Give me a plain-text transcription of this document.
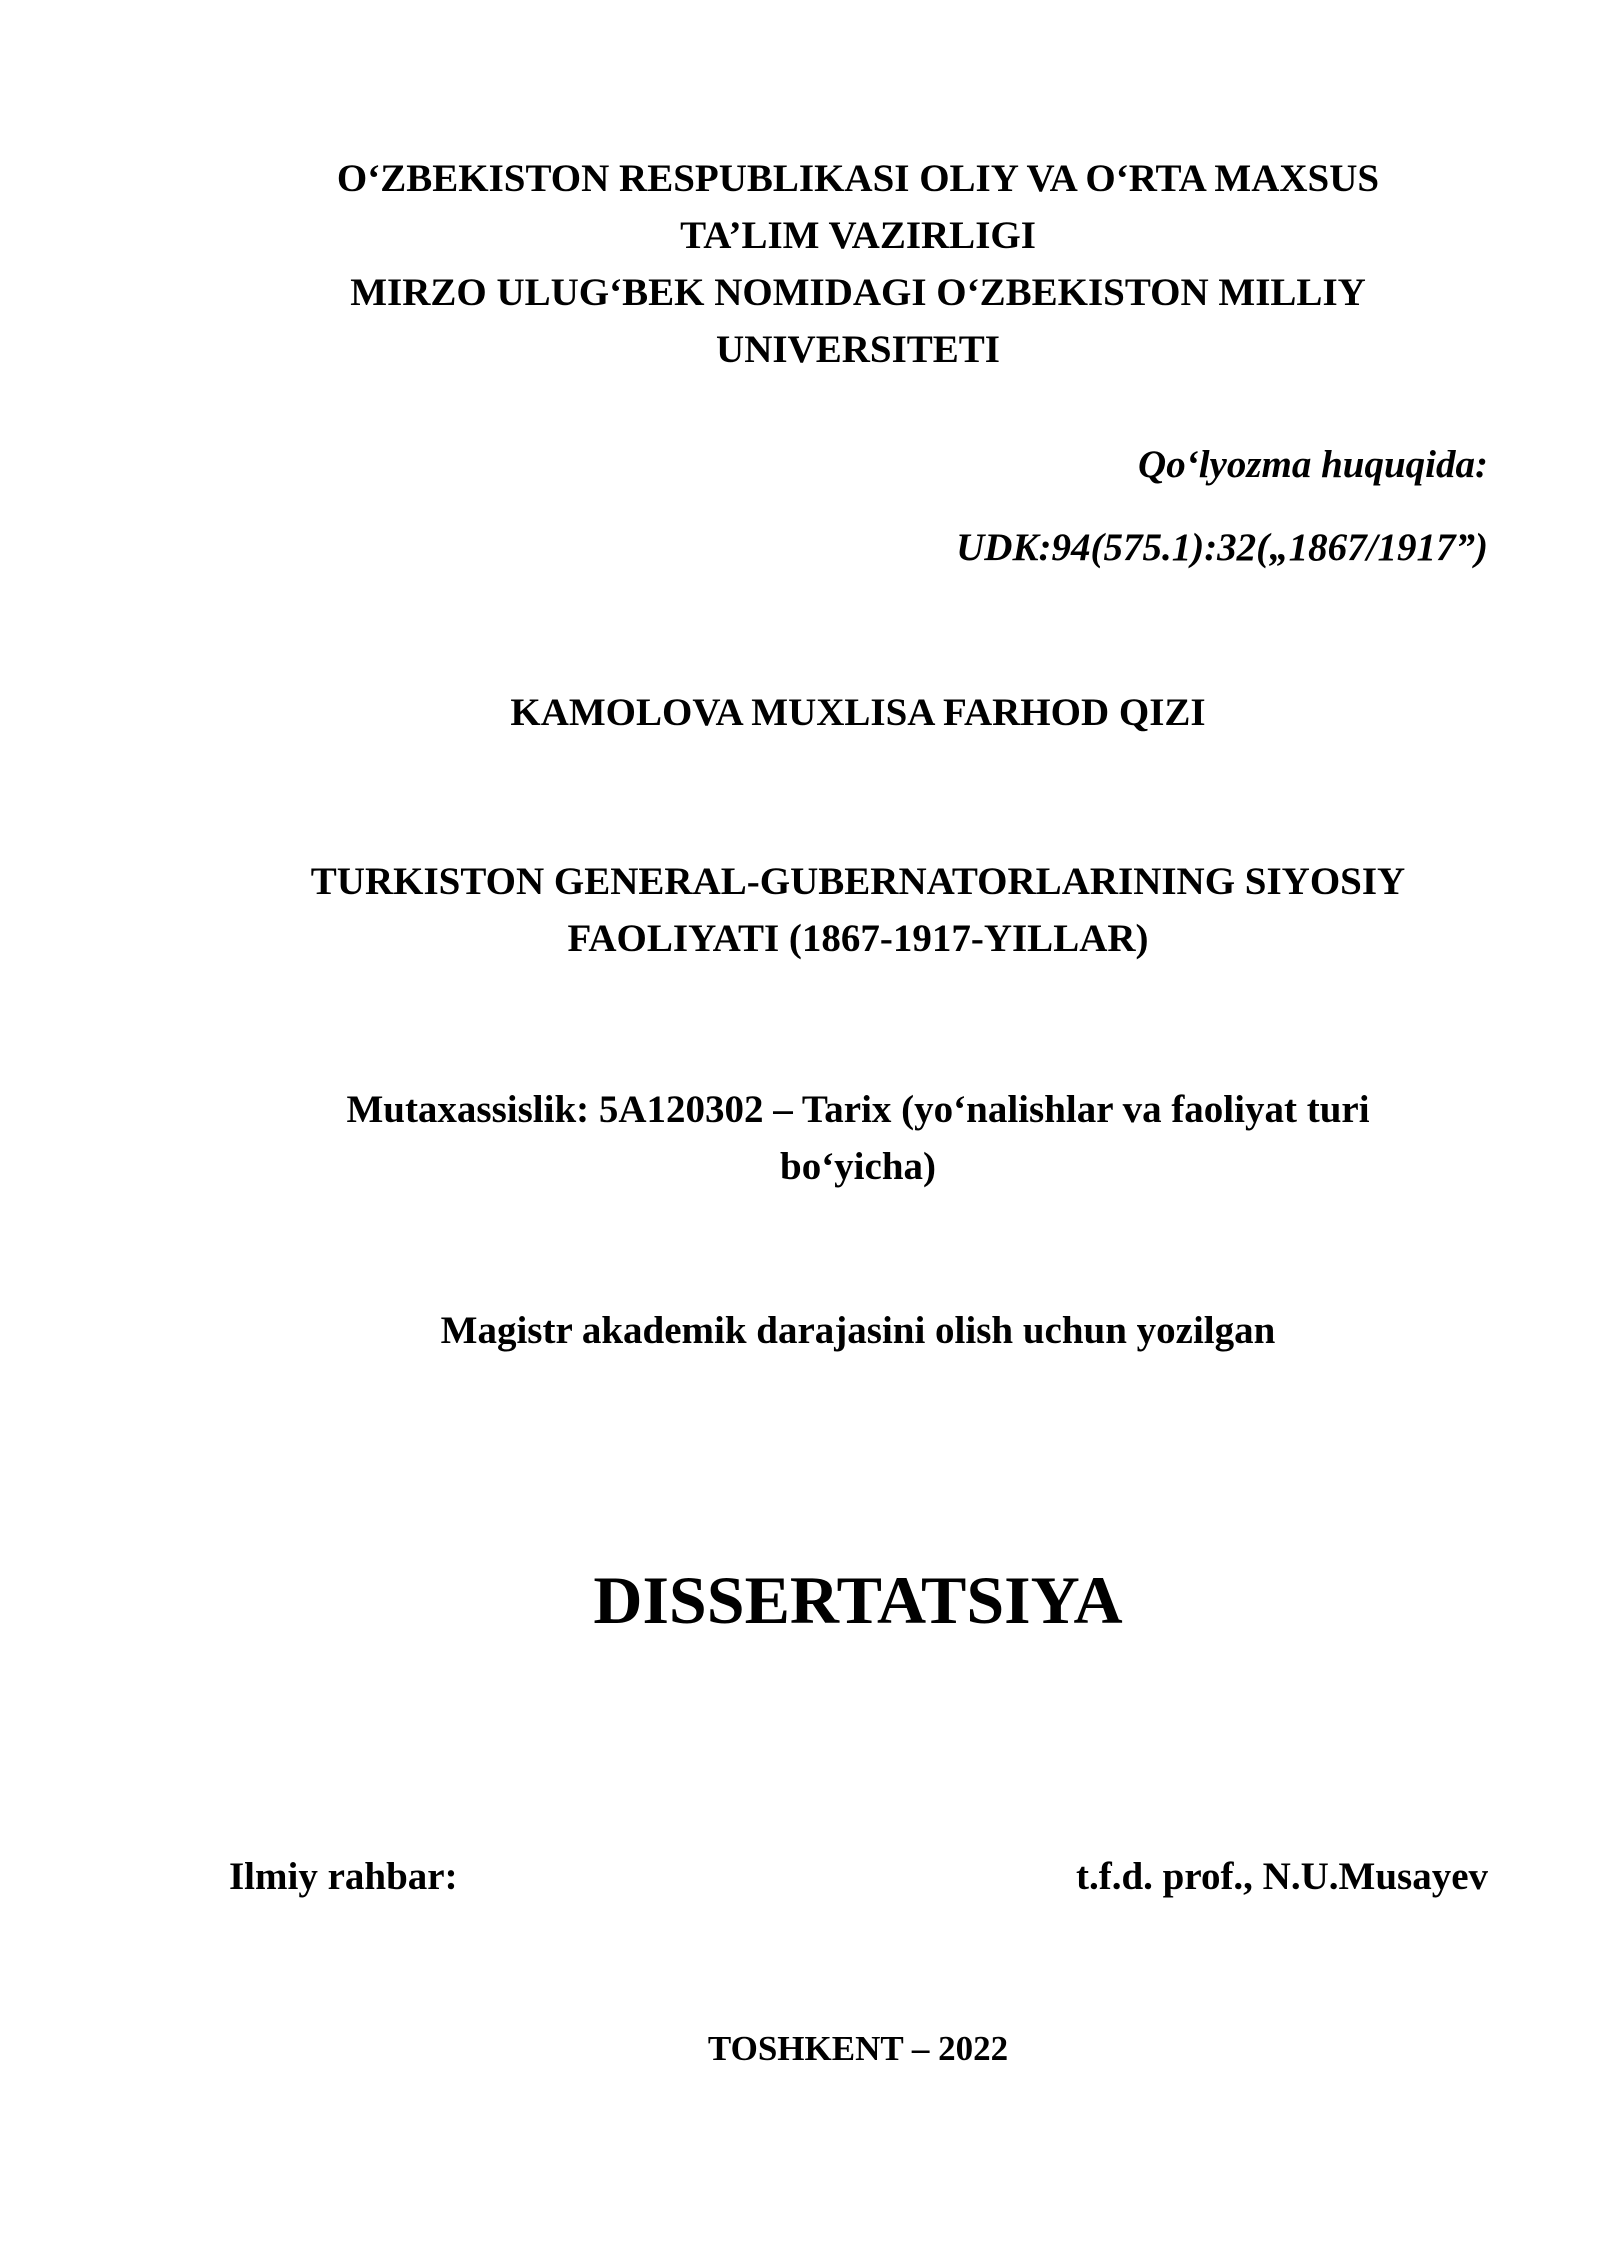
O‘ZBEKISTON RESPUBLIKASI OLIY VA O‘RTA MAXSUS
TA’LIM VAZIRLIGI
MIRZO ULUG‘BEK NOMIDAGI O‘ZBEKISTON MILLIY
UNIVERSITETI
Qo‘lyozma huquqida:
UDK:94(575.1):32(„1867/1917”)
KAMOLOVA MUXLISA FARHOD QIZI
TURKISTON GENERAL-GUBERNATORLARINING SIYOSIY
FAOLIYATI (1867-1917-YILLAR)
Mutaxassislik: 5A120302 – Tarix (yo‘nalishlar va faoliyat turi
bo‘yicha)
Magistr akademik darajasini olish uchun yozilgan
DISSERTATSIYA
Ilmiy rahbar:	t.f.d. prof., N.U.Musayev
TOSHKENT – 2022
